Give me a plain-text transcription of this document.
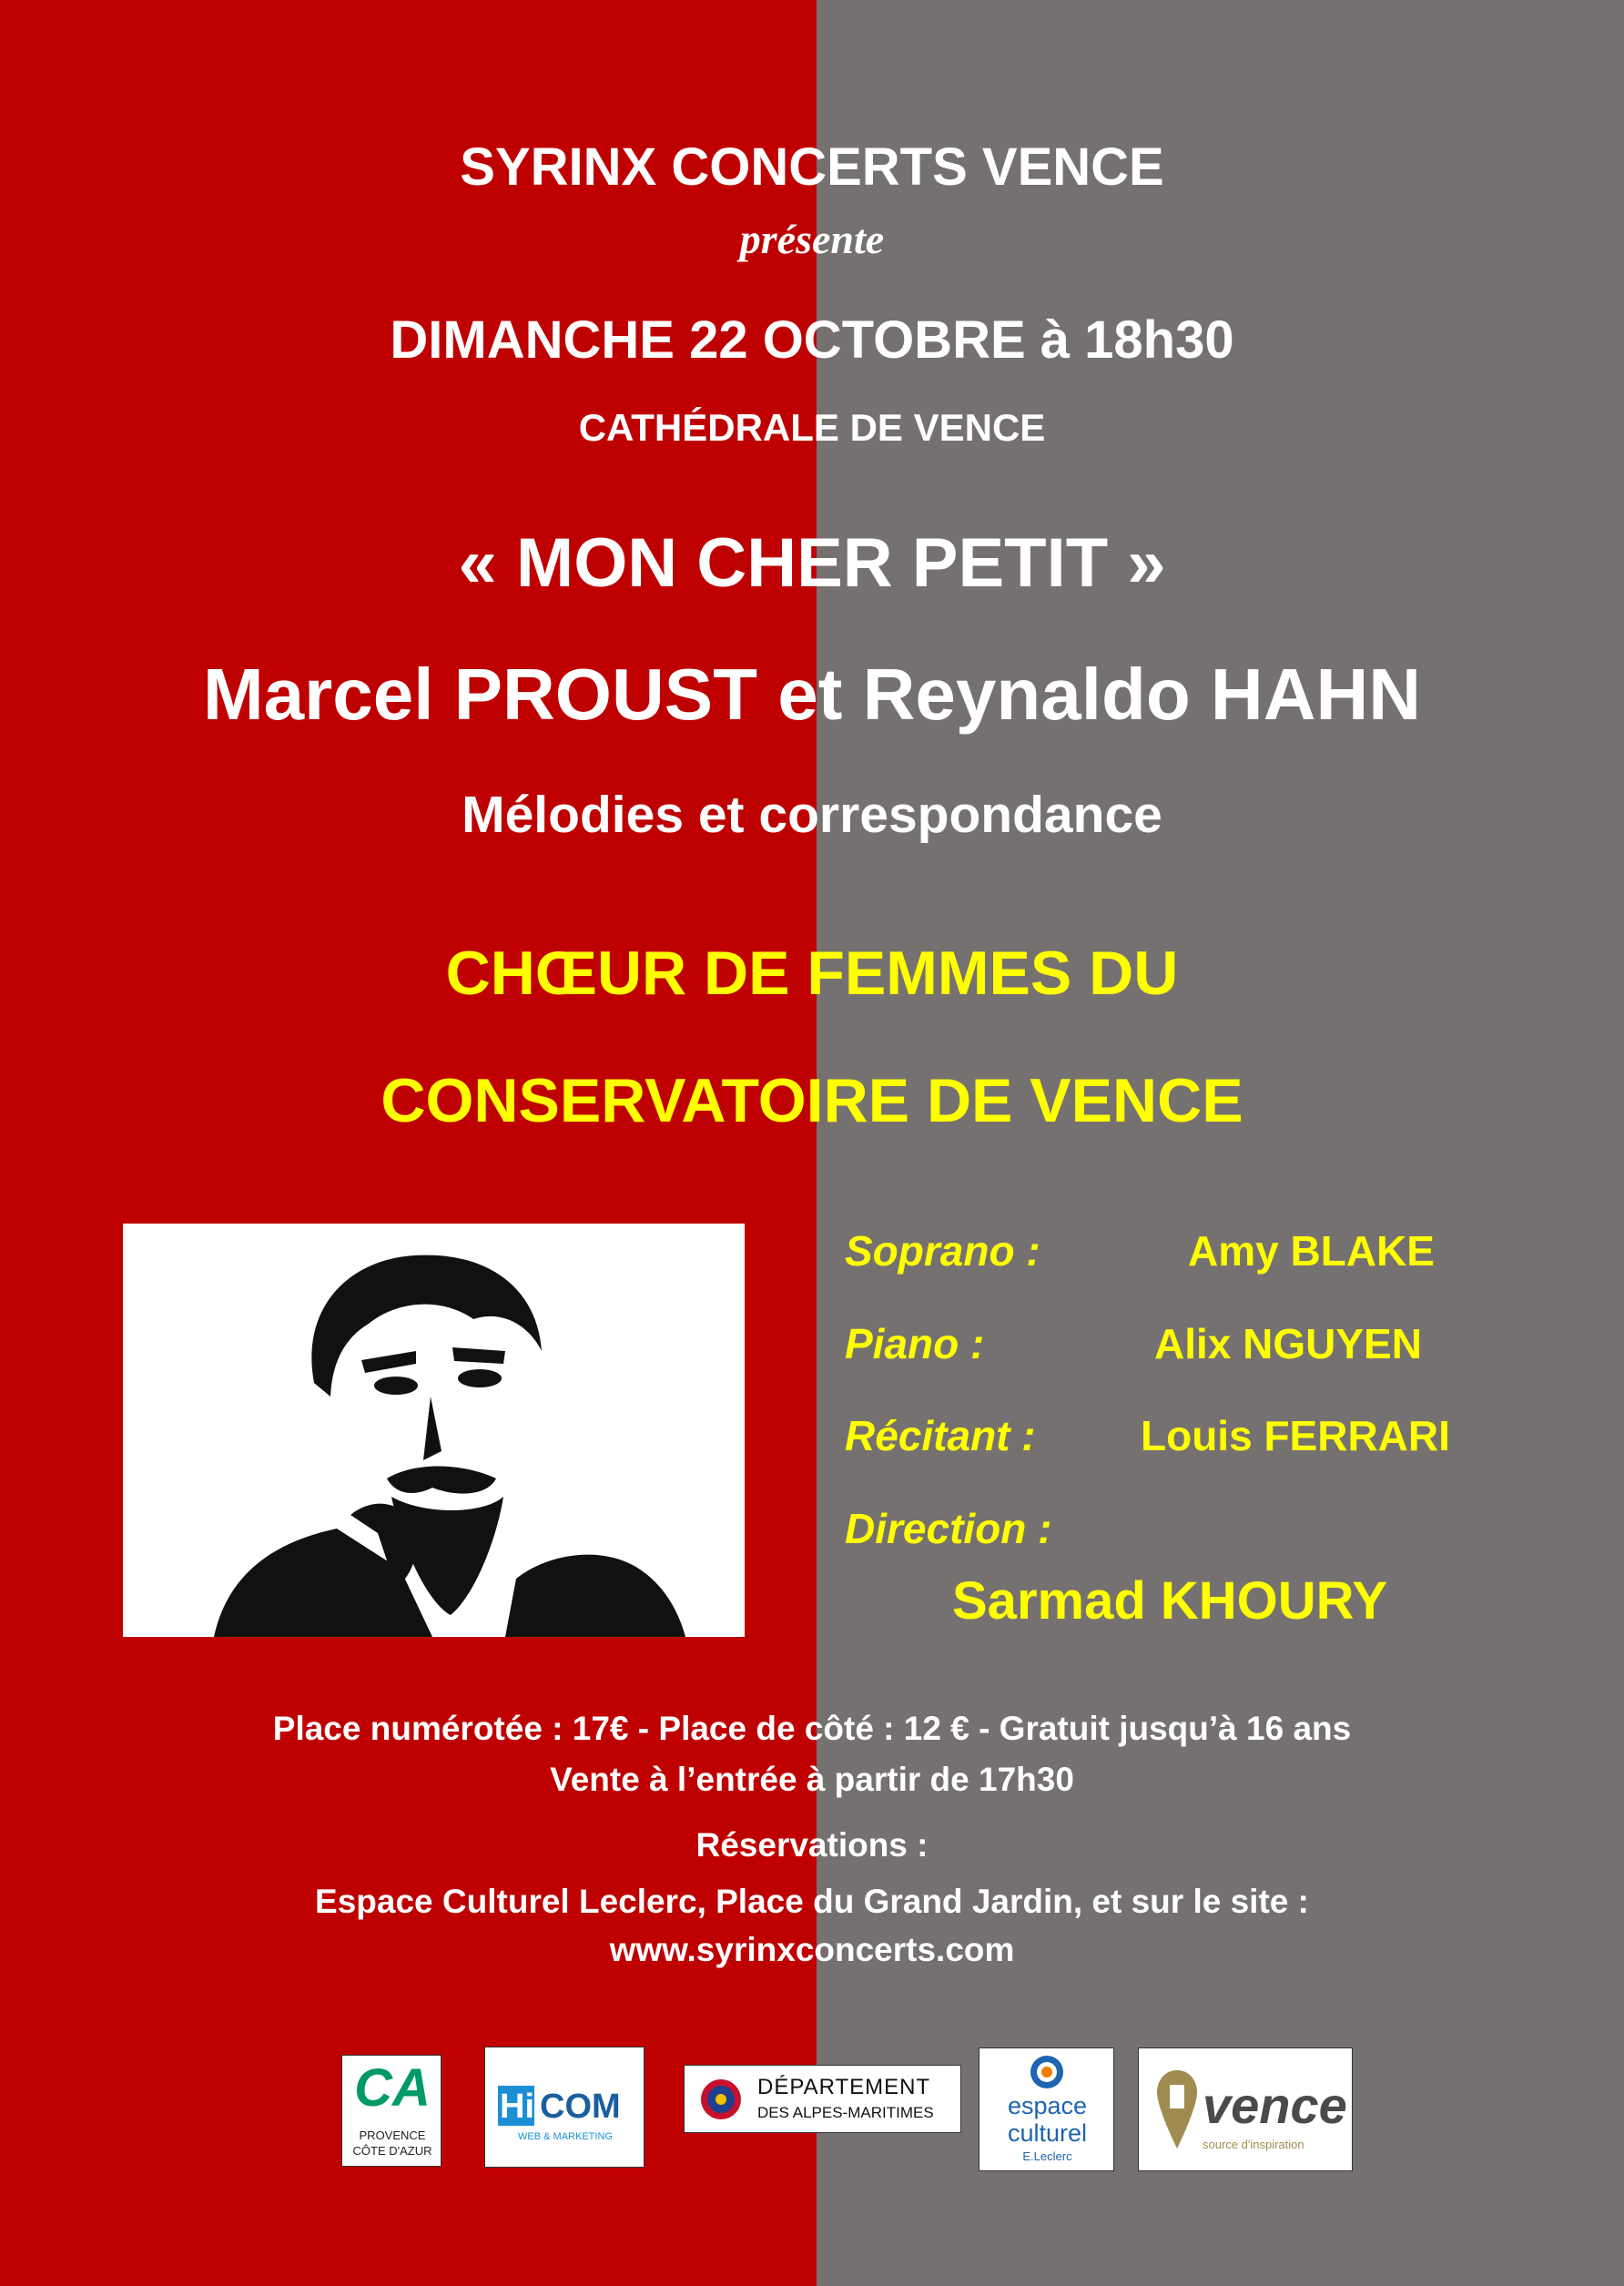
SYRINX CONCERTS VENCE
présente
DIMANCHE 22 OCTOBRE à 18h30
CATHÉDRALE DE VENCE
« MON CHER PETIT »
Marcel PROUST et Reynaldo HAHN
Mélodies et correspondance
CHŒUR DE FEMMES DU
CONSERVATOIRE DE VENCE
Soprano :	Amy BLAKE
Piano :	Alix NGUYEN
Récitant :	Louis FERRARI
Direction :
Sarmad KHOURY
Place numérotée : 17€ - Place de côté : 12 € - Gratuit jusqu’à 16 ans
Vente à l’entrée à partir de 17h30
Réservations :
Espace Culturel Leclerc, Place du Grand Jardin, et sur le site :
www.syrinxconcerts.com
CA
PROVENCE
CÔTE D'AZUR
Hi COM
WEB & MARKETING
DÉPARTEMENT
DES ALPES-MARITIMES	espace
culturel
E.Leclerc
vence
source d'inspiration
